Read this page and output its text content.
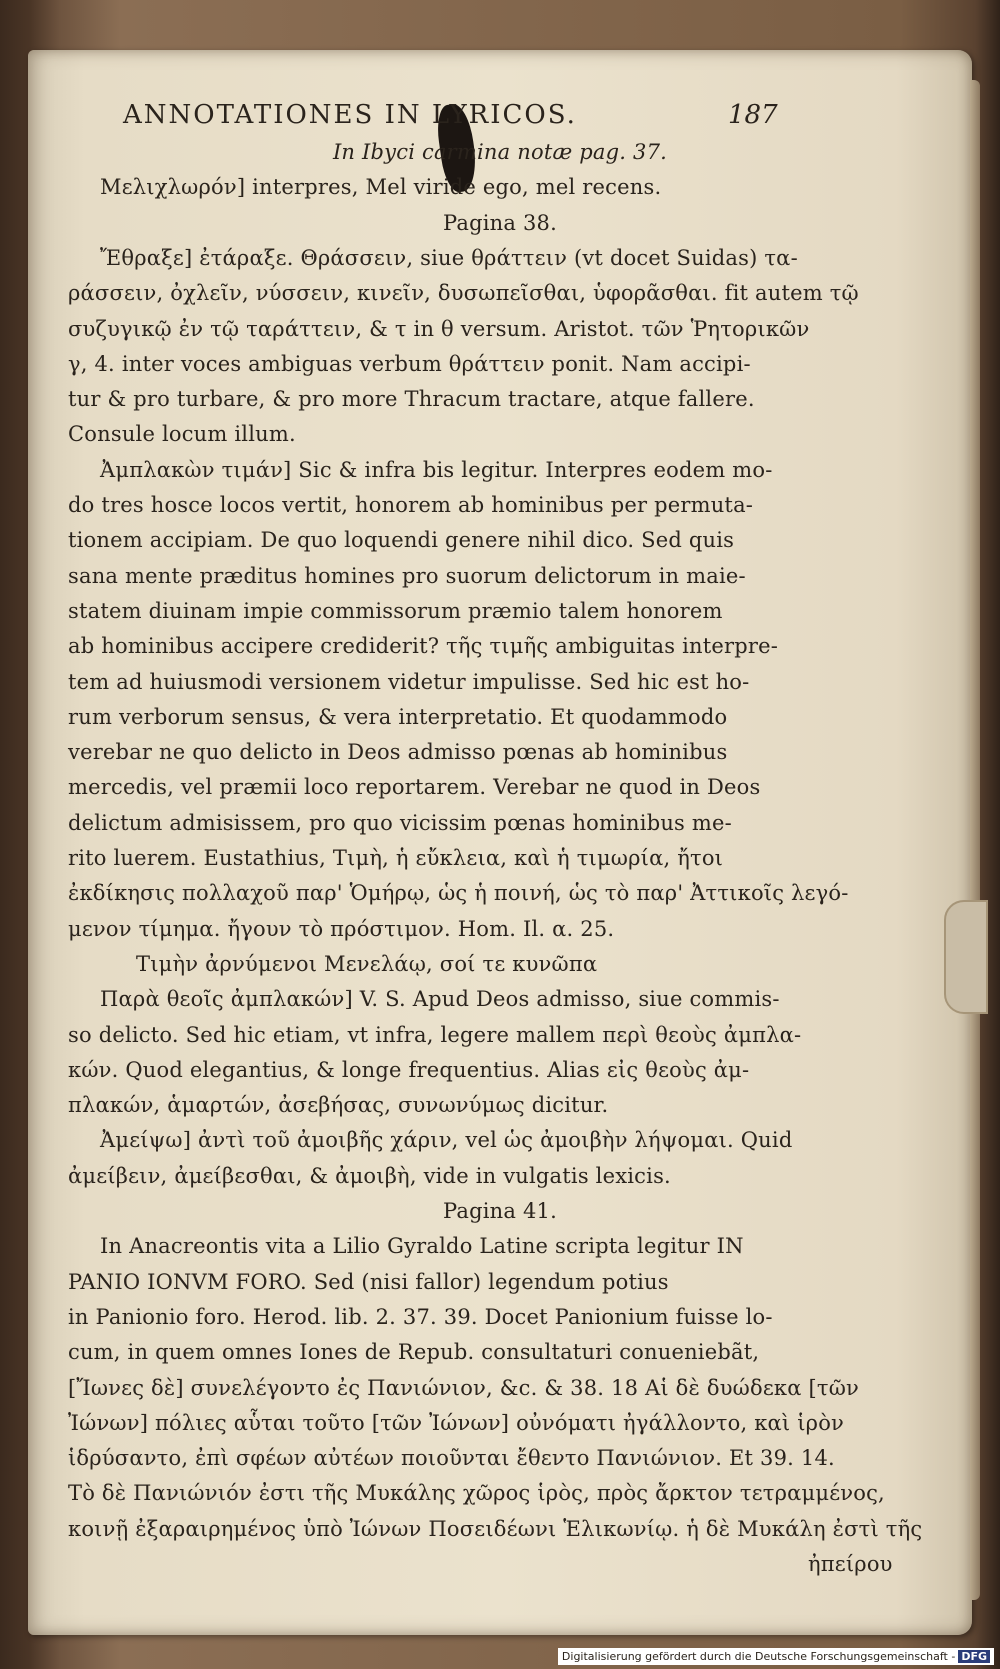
ANNOTATIONES IN LYRICOS.	187
In Ibyci carmina notæ pag. 37.
Μελιχλωρόν] interpres, Mel viride ego, mel recens.
Pagina 38.
Ἔθραξε] ἐτάραξε. Θράσσειν, siue θράττειν (vt docet Suidas) τα-
ράσσειν, ὀχλεῖν, νύσσειν, κινεῖν, δυσωπεῖσθαι, ὑφορᾶσθαι. fit autem τῷ
συζυγικῷ ἐν τῷ ταράττειν, & τ in θ versum. Aristot. τῶν Ῥητορικῶν
γ, 4. inter voces ambiguas verbum θράττειν ponit. Nam accipi-
tur & pro turbare, & pro more Thracum tractare, atque fallere.
Consule locum illum.
Ἀμπλακὼν τιμάν] Sic & infra bis legitur. Interpres eodem mo-
do tres hosce locos vertit, honorem ab hominibus per permuta-
tionem accipiam. De quo loquendi genere nihil dico. Sed quis
sana mente præditus homines pro suorum delictorum in maie-
statem diuinam impie commissorum præmio talem honorem
ab hominibus accipere crediderit? τῆς τιμῆς ambiguitas interpre-
tem ad huiusmodi versionem videtur impulisse. Sed hic est ho-
rum verborum sensus, & vera interpretatio. Et quodammodo
verebar ne quo delicto in Deos admisso pœnas ab hominibus
mercedis, vel præmii loco reportarem. Verebar ne quod in Deos
delictum admisissem, pro quo vicissim pœnas hominibus me-
rito luerem. Eustathius, Τιμὴ, ἡ εὔκλεια, καὶ ἡ τιμωρία, ἤτοι
ἐκδίκησις πολλαχοῦ παρ' Ὁμήρῳ, ὡς ἡ ποινή, ὡς τὸ παρ' Ἀττικοῖς λεγό-
μενον τίμημα. ἤγουν τὸ πρόστιμον. Hom. Il. α. 25.
Τιμὴν ἀρνύμενοι Μενελάῳ, σοί τε κυνῶπα
Παρὰ θεοῖς ἀμπλακών] V. S. Apud Deos admisso, siue commis-
so delicto. Sed hic etiam, vt infra, legere mallem περὶ θεοὺς ἀμπλα-
κών. Quod elegantius, & longe frequentius. Alias εἰς θεοὺς ἀμ-
πλακών, ἁμαρτών, ἀσεβήσας, συνωνύμως dicitur.
Ἀμείψω] ἀντὶ τοῦ ἀμοιβῆς χάριν, vel ὡς ἀμοιβὴν λήψομαι. Quid
ἀμείβειν, ἀμείβεσθαι, & ἀμοιβὴ, vide in vulgatis lexicis.
Pagina 41.
In Anacreontis vita a Lilio Gyraldo Latine scripta legitur IN
PANIO IONVM FORO. Sed (nisi fallor) legendum potius
in Panionio foro. Herod. lib. 2. 37. 39. Docet Panionium fuisse lo-
cum, in quem omnes Iones de Repub. consultaturi conueniebãt,
[Ἴωνες δὲ] συνελέγοντο ἐς Πανιώνιον, &c. & 38. 18 Αἱ δὲ δυώδεκα [τῶν
Ἰώνων] πόλιες αὗται τοῦτο [τῶν Ἰώνων] οὐνόματι ἠγάλλοντο, καὶ ἱρὸν
ἱδρύσαντο, ἐπὶ σφέων αὐτέων ποιοῦνται ἔθεντο Πανιώνιον. Et 39. 14.
Τὸ δὲ Πανιώνιόν ἐστι τῆς Μυκάλης χῶρος ἱρὸς, πρὸς ἄρκτον τετραμμένος,
κοινῇ ἐξαραιρημένος ὑπὸ Ἰώνων Ποσειδέωνι Ἑλικωνίῳ. ἡ δὲ Μυκάλη ἐστὶ τῆς
ἠπείρου
Digitalisierung gefördert durch die Deutsche Forschungsgemeinschaft - DFG
